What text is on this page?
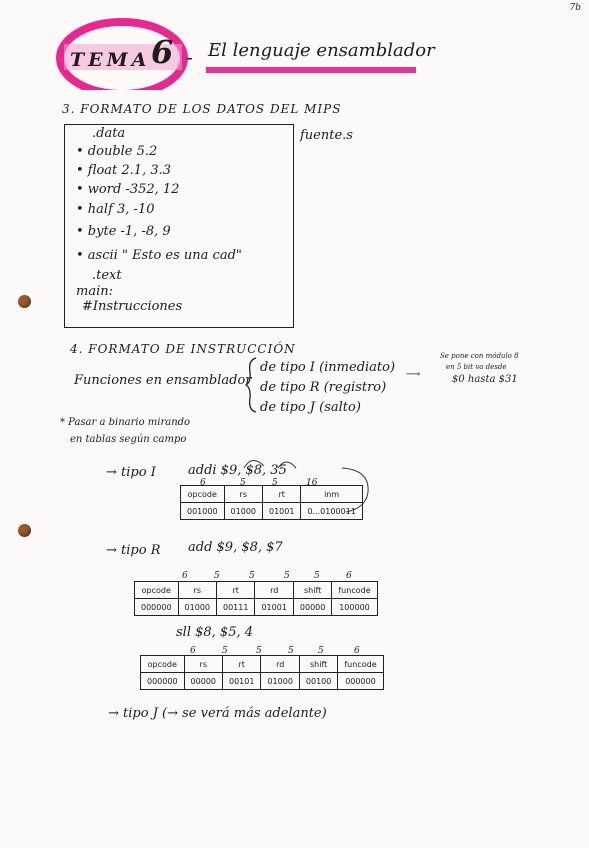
7b
TEMA 6 - El lenguaje ensamblador
3. FORMATO DE LOS DATOS DEL MIPS
fuente.s
.data
• double 5.2
• float 2.1, 3.3
• word -352, 12
• half 3, -10
• byte -1, -8, 9
• ascii " Esto es una cad"
.text
main:
#Instrucciones
4. FORMATO DE INSTRUCCIÓN
Funciones en ensamblador
de tipo I (inmediato)
de tipo R (registro)
de tipo J (salto)
⟶
Se pone con módulo 8
en 5 bit va desde
$0 hasta $31
* Pasar a binario mirando
en tablas según campo
→ tipo I addi $9, $8, 35
6	5	5	16
opcode	rs	rt	inm
001000	01000	01001	0...0100011
→ tipo R add $9, $8, $7
6	5	5	5	5	6
opcode	rs	rt	rd	shift	funcode
000000	01000	00111	01001	00000	100000
sll $8, $5, 4
6	5	5	5	5	6
opcode	rs	rt	rd	shift	funcode
000000	00000	00101	01000	00100	000000
→ tipo J (→ se verá más adelante)
